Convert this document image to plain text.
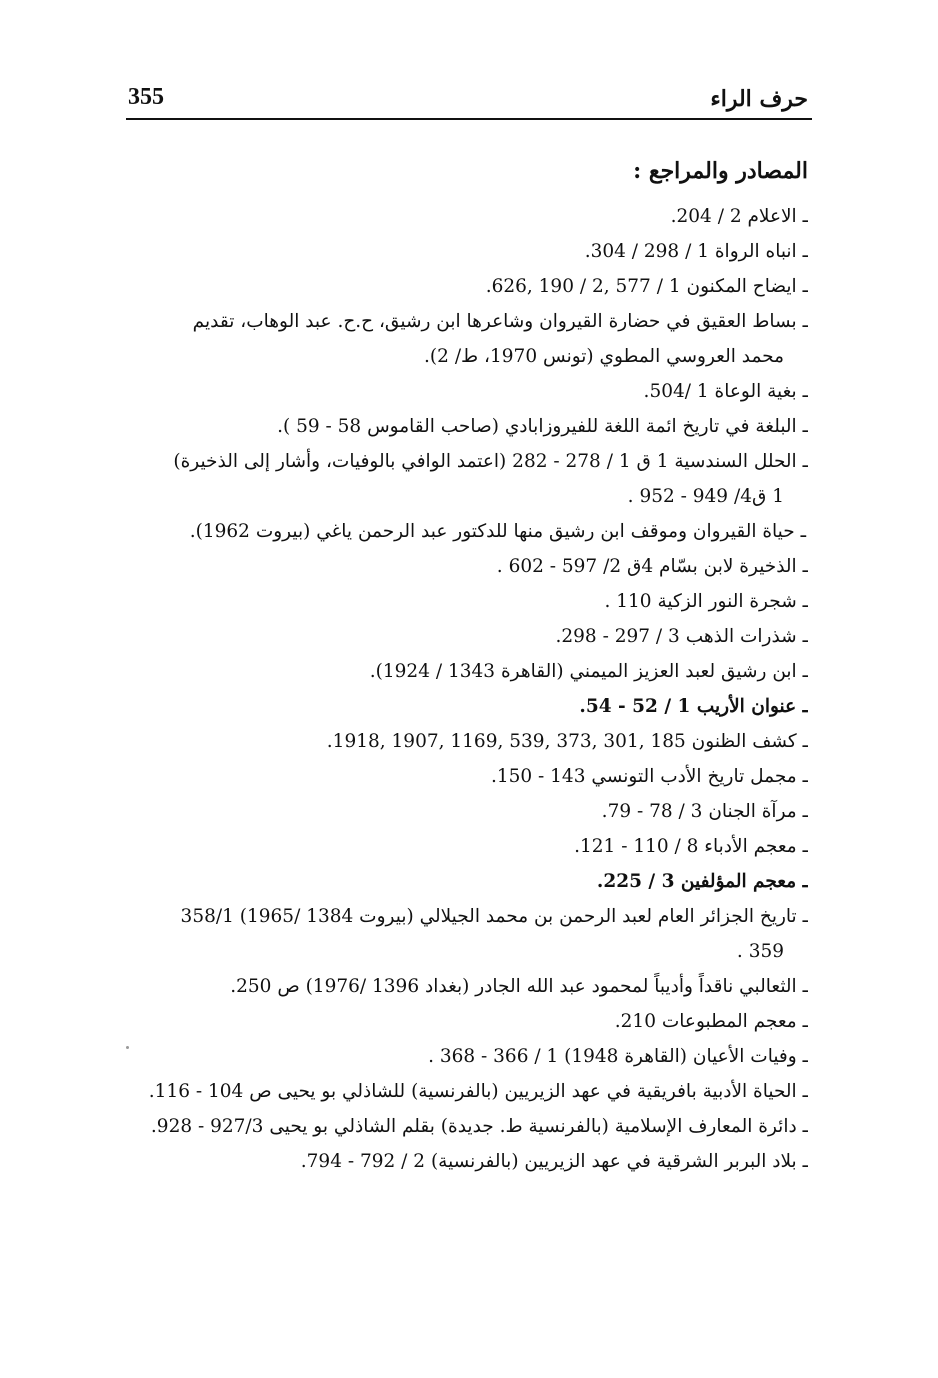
355	حرف الراء
المصادر والمراجع :
ـ الاعلام 2 / 204.
ـ انباه الرواة 1 / 298 / 304.
ـ ايضاح المكنون 1 / 577 ,2 / 190 ,626.
ـ بساط العقيق في حضارة القيروان وشاعرها ابن رشيق، ح.ح. عبد الوهاب، تقديم
محمد العروسي المطوي (تونس 1970، ط/ 2).
ـ بغية الوعاة 1 /504.
ـ البلغة في تاريخ ائمة اللغة للفيروزابادي (صاحب القاموس 58 - 59 ).
ـ الحلل السندسية 1 ق 1 / 278 - 282 (اعتمد الوافي بالوفيات، وأشار إلى الذخيرة)
1 ق4/ 949 - 952 .
ـ حياة القيروان وموقف ابن رشيق منها للدكتور عبد الرحمن ياغي (بيروت 1962).
ـ الذخيرة لابن بسّام 4ق 2/ 597 - 602 .
ـ شجرة النور الزكية 110 .
ـ شذرات الذهب 3 / 297 - 298.
ـ ابن رشيق لعبد العزيز الميمني (القاهرة 1343 / 1924).
ـ عنوان الأريب 1 / 52 - 54.
ـ كشف الظنون 185 ,301 ,373 ,539 ,1169 ,1907 ,1918.
ـ مجمل تاريخ الأدب التونسي 143 - 150.
ـ مرآة الجنان 3 / 78 - 79.
ـ معجم الأدباء 8 / 110 - 121.
ـ معجم المؤلفين 3 / 225.
ـ تاريخ الجزائر العام لعبد الرحمن بن محمد الجيلالي (بيروت 1384 /1965) 358/1
359 .
ـ الثعالبي ناقداً وأديباً لمحمود عبد الله الجادر (بغداد 1396 /1976) ص 250.
ـ معجم المطبوعات 210.
ـ وفيات الأعيان (القاهرة 1948) 1 / 366 - 368 .
ـ الحياة الأدبية بافريقية في عهد الزيريين (بالفرنسية) للشاذلي بو يحيى ص 104 - 116.
ـ دائرة المعارف الإسلامية (بالفرنسية ط. جديدة) بقلم الشاذلي بو يحيى 927/3 - 928.
ـ بلاد البربر الشرقية في عهد الزيريين (بالفرنسية) 2 / 792 - 794.
